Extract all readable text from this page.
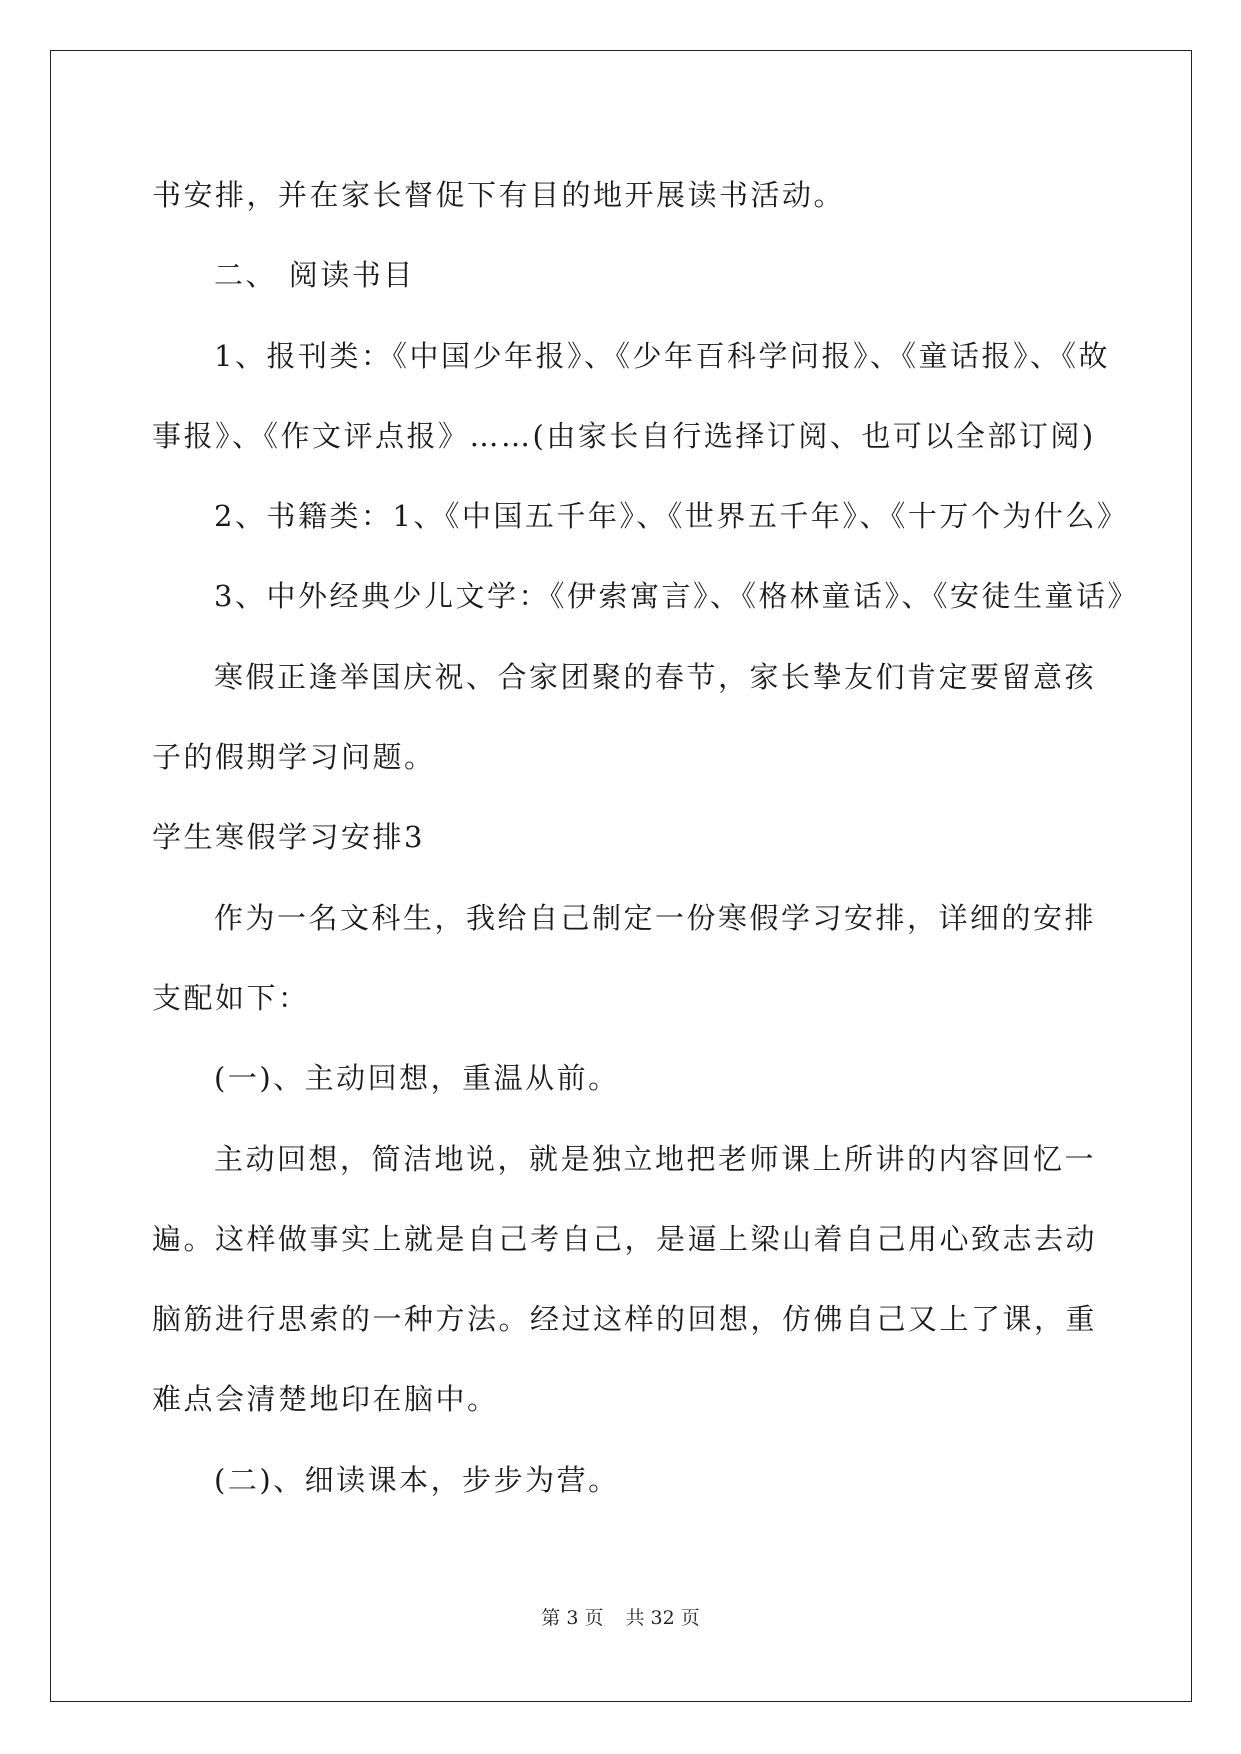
书安排，并在家长督促下有目的地开展读书活动。
二、 阅读书目
1、报刊类：《中国少年报》、《少年百科学问报》、《童话报》、《故
事报》、《作文评点报》……(由家长自行选择订阅、也可以全部订阅)
2、书籍类：1、《中国五千年》、《世界五千年》、《十万个为什么》
3、中外经典少儿文学：《伊索寓言》、《格林童话》、《安徒生童话》
寒假正逢举国庆祝、合家团聚的春节，家长挚友们肯定要留意孩
子的假期学习问题。
学生寒假学习安排3
作为一名文科生，我给自己制定一份寒假学习安排，详细的安排
支配如下：
(一)、主动回想，重温从前。
主动回想，简洁地说，就是独立地把老师课上所讲的内容回忆一
遍。这样做事实上就是自己考自己，是逼上梁山着自己用心致志去动
脑筋进行思索的一种方法。经过这样的回想，仿佛自己又上了课，重
难点会清楚地印在脑中。
(二)、细读课本，步步为营。
第 3 页 共 32 页
